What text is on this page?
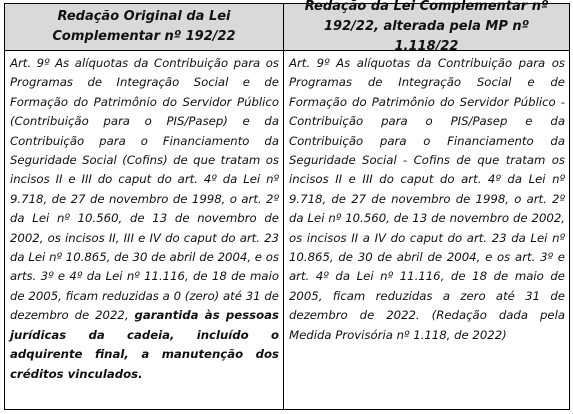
Redação Original da Lei Complementar nº 192/22
Redação da Lei Complementar nº 192/22, alterada pela MP nº 1.118/22
Art. 9º As alíquotas da Contribuição para os Programas de Integração Social e de Formação do Patrimônio do Servidor Público (Contribuição para o PIS/Pasep) e da Contribuição para o Financiamento da Seguridade Social (Cofins) de que tratam os incisos II e III do caput do art. 4º da Lei nº 9.718, de 27 de novembro de 1998, o art. 2º da Lei nº 10.560, de 13 de novembro de 2002, os incisos II, III e IV do caput do art. 23 da Lei nº 10.865, de 30 de abril de 2004, e os arts. 3º e 4º da Lei nº 11.116, de 18 de maio de 2005, ficam reduzidas a 0 (zero) até 31 de dezembro de 2022, garantida às pessoas jurídicas da cadeia, incluído o adquirente final, a manutenção dos créditos vinculados.
Art. 9º As alíquotas da Contribuição para os Programas de Integração Social e de Formação do Patrimônio do Servidor Público - Contribuição para o PIS/Pasep e da Contribuição para o Financiamento da Seguridade Social - Cofins de que tratam os incisos II e III do caput do art. 4º da Lei nº 9.718, de 27 de novembro de 1998, o art. 2º da Lei nº 10.560, de 13 de novembro de 2002, os incisos II a IV do caput do art. 23 da Lei nº 10.865, de 30 de abril de 2004, e os art. 3º e art. 4º da Lei nº 11.116, de 18 de maio de 2005, ficam reduzidas a zero até 31 de dezembro de 2022. (Redação dada pela Medida Provisória nº 1.118, de 2022)
